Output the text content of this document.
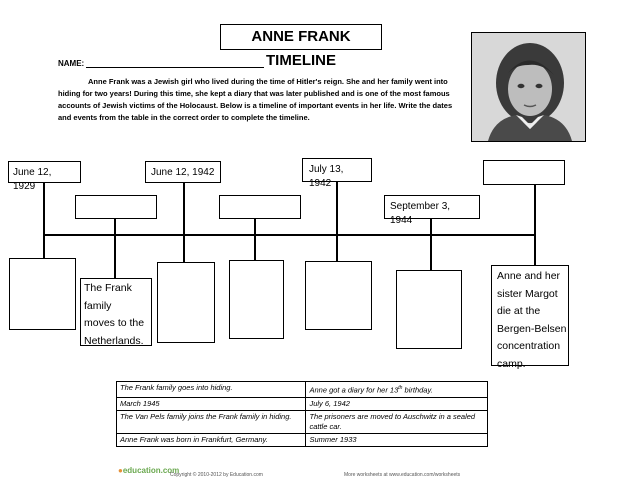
ANNE FRANK TIMELINE
NAME:
Anne Frank was a Jewish girl who lived during the time of Hitler's reign. She and her family went into hiding for two years! During this time, she kept a diary that was later published and is one of the most famous accounts of Jewish victims of the Holocaust. Below is a timeline of important events in her life. Write the dates and events from the table in the correct order to complete the timeline.
June 12, 1929
June 12, 1942	July 13, 1942
September 3, 1944
The Frank
family
moves to the
Netherlands.
Anne and her
sister Margot
die at the
Bergen-Belsen
concentration
camp.
The Frank family goes into hiding.	Anne got a diary for her 13th birthday.
March 1945	July 6, 1942
The Van Pels family joins the Frank family in hiding.	The prisoners are moved to Auschwitz in a sealed cattle car.
Anne Frank was born in Frankfurt, Germany.	Summer 1933
●education.com
Copyright © 2010-2012 by Education.com	More worksheets at www.education.com/worksheets
